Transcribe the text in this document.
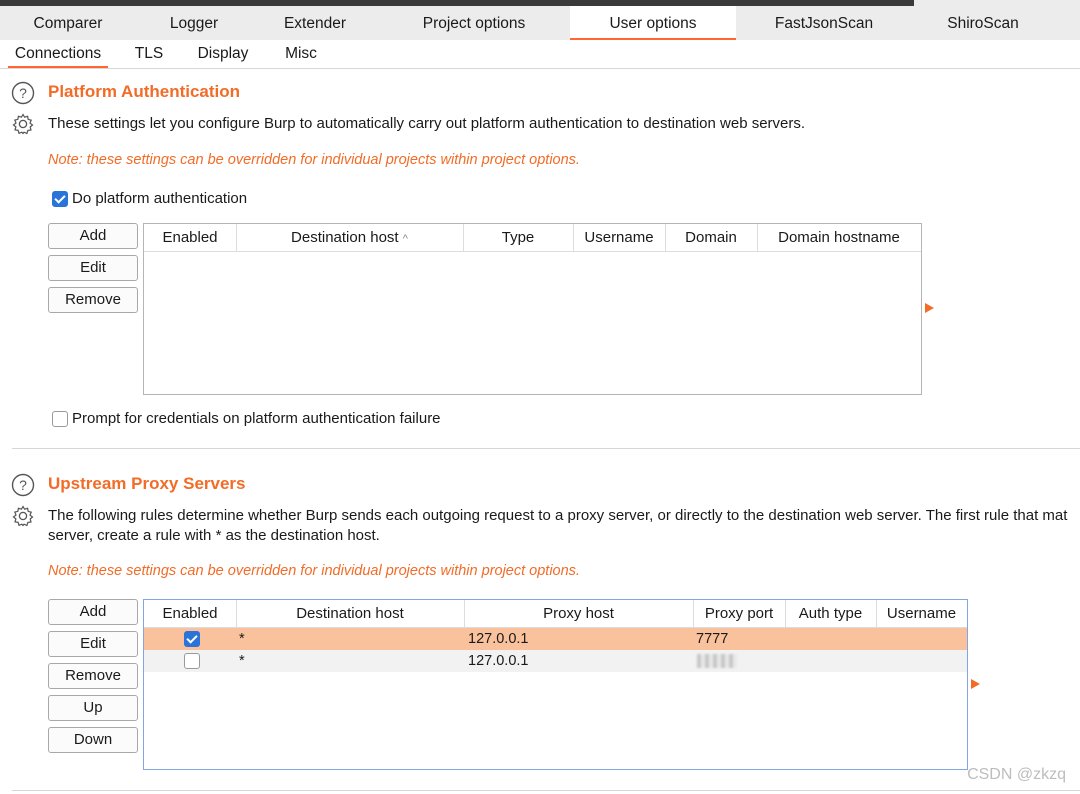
Comparer	Logger	Extender	Project options	User options	FastJsonScan	ShiroScan
Connections	TLS	Display	Misc
? Platform Authentication
These settings let you configure Burp to automatically carry out platform authentication to destination web servers.
Note: these settings can be overridden for individual projects within project options.
Do platform authentication
Add
Edit
Remove
Enabled	Destination host ^	Type	Username	Domain	Domain hostname
Prompt for credentials on platform authentication failure
? Upstream Proxy Servers
The following rules determine whether Burp sends each outgoing request to a proxy server, or directly to the destination web server. The first rule that mat
server, create a rule with * as the destination host.
Note: these settings can be overridden for individual projects within project options.
Add
Edit
Remove
Up
Down
Enabled	Destination host	Proxy host	Proxy port	Auth type	Username
*	127.0.0.1	7777
*	127.0.0.1
CSDN @zkzq
